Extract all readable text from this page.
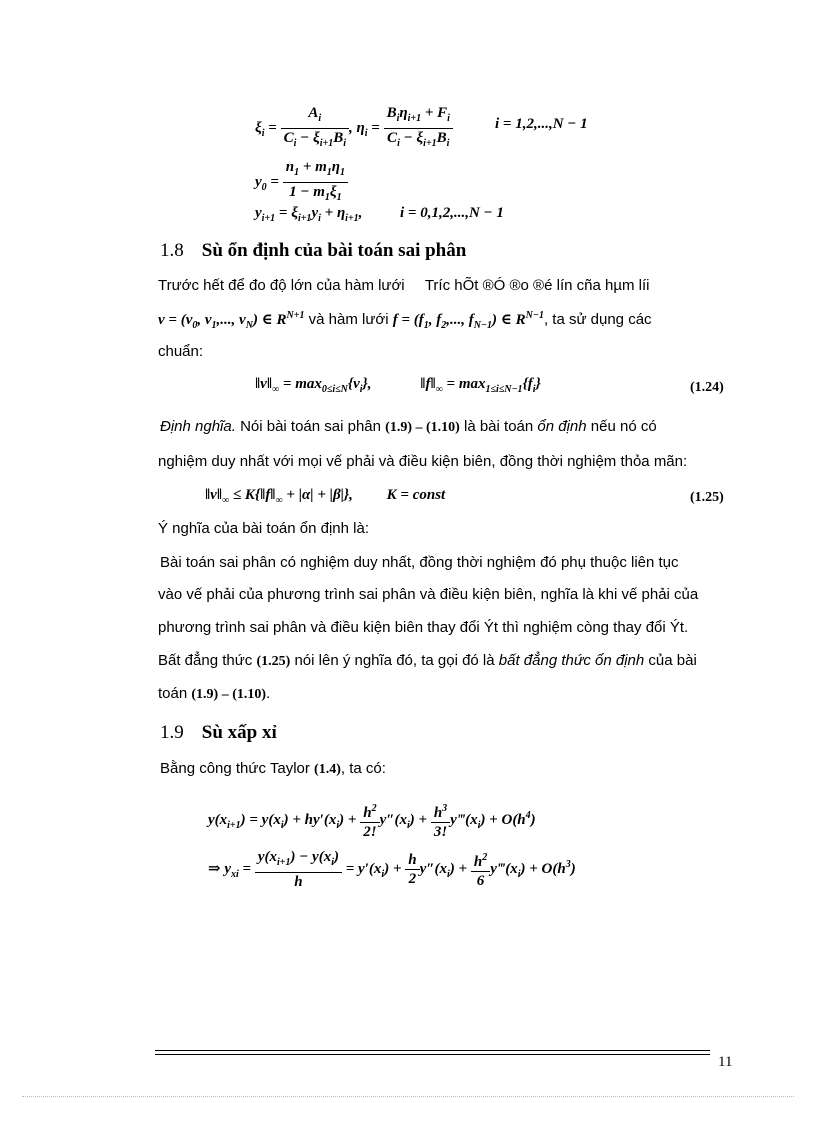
$\xi_i = \frac{A_i}{C_i - \xi_{i+1}B_i}$ , $\eta_i = \frac{B_i\eta_{i+1} + F_i}{C_i - \xi_{i+1}B_i}$	i = 1,2,...,N − 1
$y_0 = \frac{n_1 + m_1\eta_1}{1 - m_1\xi_1}$
$y_{i+1} = \xi_{i+1}y_i + \eta_{i+1}$,	i = 0,1,2,...,N − 1
1.8 Sù ổn định của bài toán sai phân
Trước hết để đo độ lớn của hàm lưới Tríc hÕt ®Ó ®o ®é lín cña hµm líi
$v = (v_0$, $v_1$,..., $v_N$) ∈ $R^{N+1}$ và hàm lưới $f = (f_1$, $f_2$,..., $f_{N-1}$) ∈ $R^{N-1}$, ta sử dụng các
chuẩn:
$‖v‖_\infty = \max_{0\le i\le N}\{v_i\}$,	$‖f‖_\infty = \max_{1\le i\le N-1}\{f_i\}$	(1.24)
Định nghĩa. Nói bài toán sai phân (1.9) – (1.10) là bài toán ổn định nếu nó có
nghiệm duy nhất với mọi vế phải và điều kiện biên, đồng thời nghiệm thỏa mãn:
$‖v‖_\infty$ ≤ $K\{‖f‖_\infty + |\alpha| + |\beta|\}$, K = const	(1.25)
Ý nghĩa của bài toán ổn định là:
Bài toán sai phân có nghiệm duy nhất, đồng thời nghiệm đó phụ thuộc liên tục
vào vế phải của phương trình sai phân và điều kiện biên, nghĩa là khi vế phải của
phương trình sai phân và điều kiện biên thay đổi Ýt thì nghiệm còng thay đổi Ýt.
Bất đẳng thức (1.25) nói lên ý nghĩa đó, ta gọi đó là bất đẳng thức ổn định của bài
toán (1.9) – (1.10).
1.9 Sù xấp xỉ
Bằng công thức Taylor (1.4), ta có:
$y(x_{i+1}) = y(x_i) + hy'(x_i) + \frac{h^2}{2!} y''(x_i) + \frac{h^3}{3!}$ $y‴(x_i) + O(h^4)$
⇒ $y_{xi} = \frac{y(x_{i+1}) - y(x_i)}{h} = y'(x_i) + \frac{h}{2} y''(x_i) + \frac{h^2}{6}$ $y‴(x_i) + O(h^3)$
11
